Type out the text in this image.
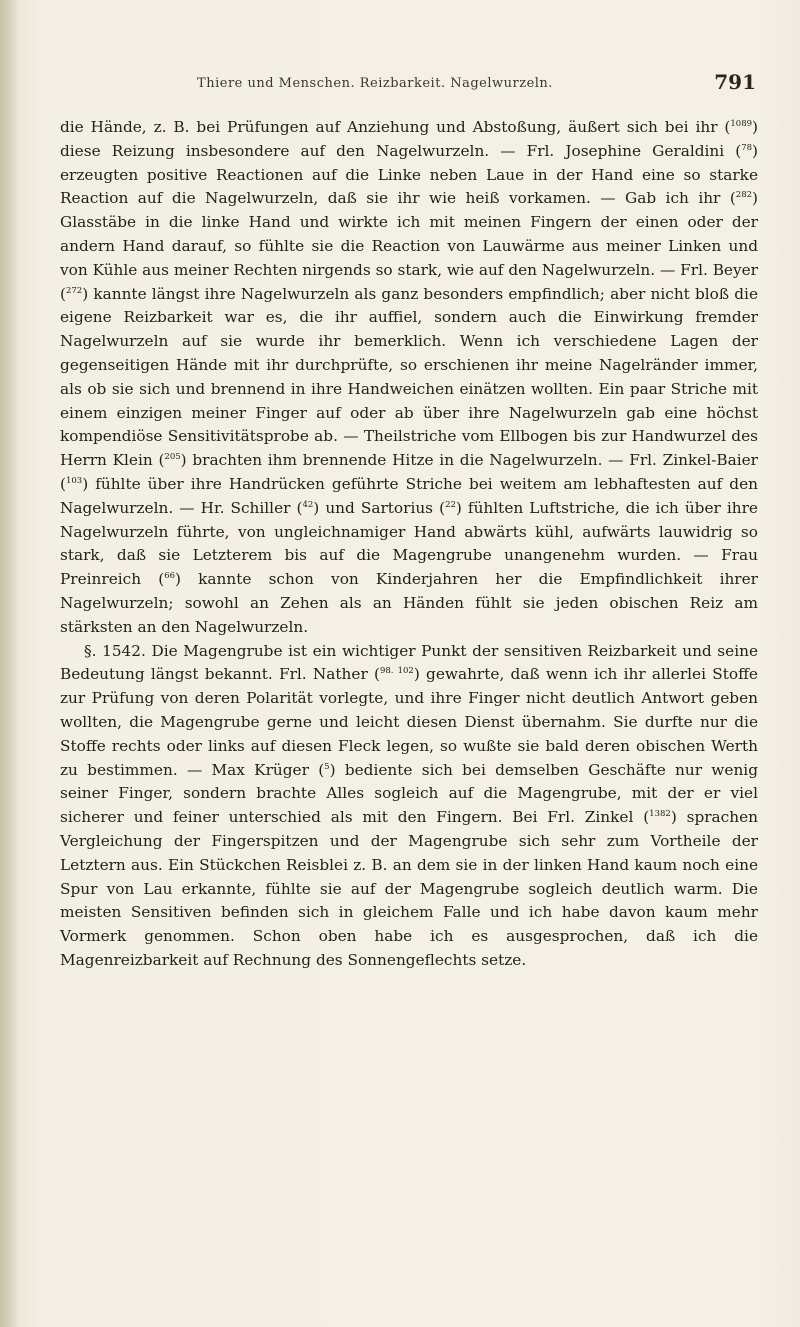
Thiere und Menschen. Reizbarkeit. Nagelwurzeln.	791

die Hände, z. B. bei Prüfungen auf Anziehung und Abstoßung, äußert sich bei ihr ($^{1089}$) diese Reizung insbesondere auf den Nagelwurzeln. — Frl. Josephine Geraldini ($^{78}$) erzeugten positive Reactionen auf die Linke neben Laue in der Hand eine so starke Reaction auf die Nagelwurzeln, daß sie ihr wie heiß vorkamen. — Gab ich ihr ($^{282}$) Glasstäbe in die linke Hand und wirkte ich mit meinen Fingern der einen oder der andern Hand darauf, so fühlte sie die Reaction von Lauwärme aus meiner Linken und von Kühle aus meiner Rechten nirgends so stark, wie auf den Nagelwurzeln. — Frl. Beyer ($^{272}$) kannte längst ihre Nagelwurzeln als ganz besonders empfindlich; aber nicht bloß die eigene Reizbarkeit war es, die ihr auffiel, sondern auch die Einwirkung fremder Nagelwurzeln auf sie wurde ihr bemerklich. Wenn ich verschiedene Lagen der gegenseitigen Hände mit ihr durchprüfte, so erschienen ihr meine Nagelränder immer, als ob sie sich und brennend in ihre Handweichen einätzen wollten. Ein paar Striche mit einem einzigen meiner Finger auf oder ab über ihre Nagelwurzeln gab eine höchst kompendiöse Sensitivitätsprobe ab. — Theilstriche vom Ellbogen bis zur Handwurzel des Herrn Klein ($^{205}$) brachten ihm brennende Hitze in die Nagelwurzeln. — Frl. Zinkel-Baier ($^{103}$) fühlte über ihre Handrücken geführte Striche bei weitem am lebhaftesten auf den Nagelwurzeln. — Hr. Schiller ($^{42}$) und Sartorius ($^{22}$) fühlten Luftstriche, die ich über ihre Nagelwurzeln führte, von ungleichnamiger Hand abwärts kühl, aufwärts lauwidrig so stark, daß sie Letzterem bis auf die Magengrube unangenehm wurden. — Frau Preinreich ($^{66}$) kannte schon von Kinderjahren her die Empfindlichkeit ihrer Nagelwurzeln; sowohl an Zehen als an Händen fühlt sie jeden obischen Reiz am stärksten an den Nagelwurzeln.

§. 1542. Die Magengrube ist ein wichtiger Punkt der sensitiven Reizbarkeit und seine Bedeutung längst bekannt. Frl. Nather ($^{98. 102}$) gewahrte, daß wenn ich ihr allerlei Stoffe zur Prüfung von deren Polarität vorlegte, und ihre Finger nicht deutlich Antwort geben wollten, die Magengrube gerne und leicht diesen Dienst übernahm. Sie durfte nur die Stoffe rechts oder links auf diesen Fleck legen, so wußte sie bald deren obischen Werth zu bestimmen. — Max Krüger ($^5$) bediente sich bei demselben Geschäfte nur wenig seiner Finger, sondern brachte Alles sogleich auf die Magengrube, mit der er viel sicherer und feiner unterschied als mit den Fingern. Bei Frl. Zinkel ($^{1382}$) sprachen Vergleichung der Fingerspitzen und der Magengrube sich sehr zum Vortheile der Letztern aus. Ein Stückchen Reisblei z. B. an dem sie in der linken Hand kaum noch eine Spur von Lau erkannte, fühlte sie auf der Magengrube sogleich deutlich warm. Die meisten Sensitiven befinden sich in gleichem Falle und ich habe davon kaum mehr Vormerk genommen. Schon oben habe ich es ausgesprochen, daß ich die Magenreizbarkeit auf Rechnung des Sonnengeflechts setze.
